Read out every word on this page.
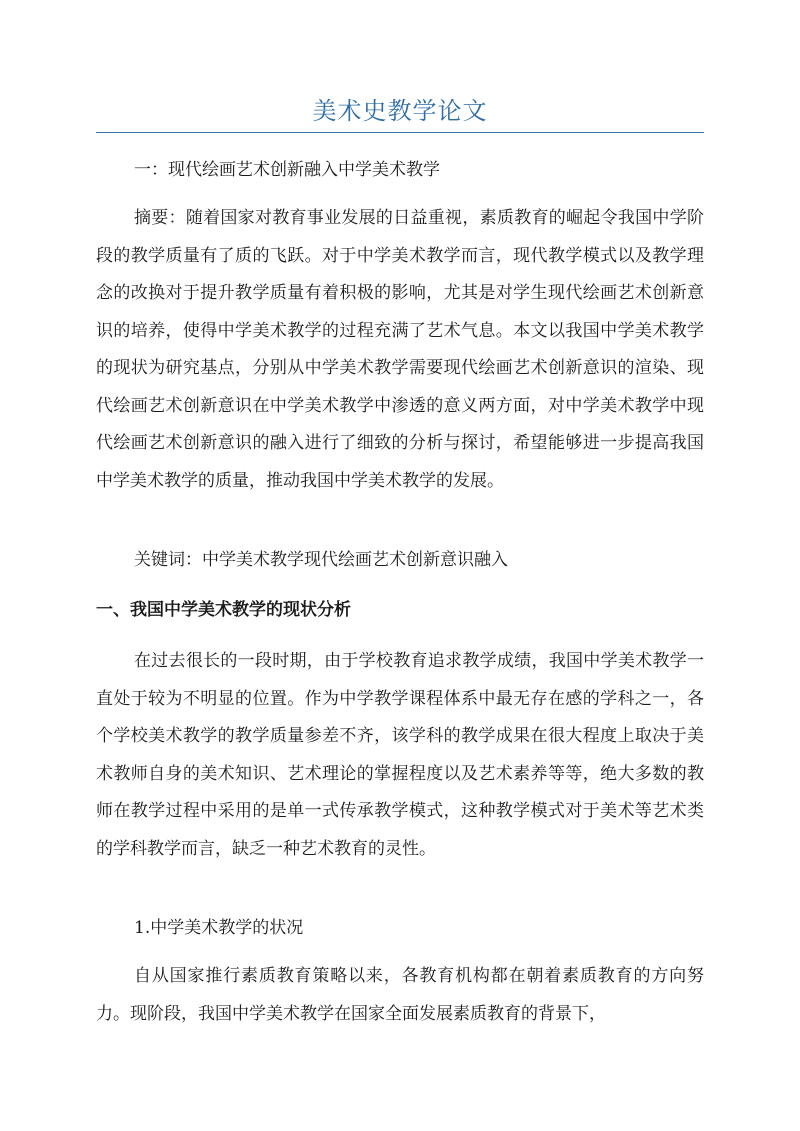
美术史教学论文
一：现代绘画艺术创新融入中学美术教学
摘要：随着国家对教育事业发展的日益重视，素质教育的崛起令我国中学阶段的教学质量有了质的飞跃。对于中学美术教学而言，现代教学模式以及教学理念的改换对于提升教学质量有着积极的影响，尤其是对学生现代绘画艺术创新意识的培养，使得中学美术教学的过程充满了艺术气息。本文以我国中学美术教学的现状为研究基点，分别从中学美术教学需要现代绘画艺术创新意识的渲染、现代绘画艺术创新意识在中学美术教学中渗透的意义两方面，对中学美术教学中现代绘画艺术创新意识的融入进行了细致的分析与探讨，希望能够进一步提高我国中学美术教学的质量，推动我国中学美术教学的发展。
关键词：中学美术教学现代绘画艺术创新意识融入
一、我国中学美术教学的现状分析
在过去很长的一段时期，由于学校教育追求教学成绩，我国中学美术教学一直处于较为不明显的位置。作为中学教学课程体系中最无存在感的学科之一，各个学校美术教学的教学质量参差不齐，该学科的教学成果在很大程度上取决于美术教师自身的美术知识、艺术理论的掌握程度以及艺术素养等等，绝大多数的教师在教学过程中采用的是单一式传承教学模式，这种教学模式对于美术等艺术类的学科教学而言，缺乏一种艺术教育的灵性。
1.中学美术教学的状况
自从国家推行素质教育策略以来，各教育机构都在朝着素质教育的方向努力。现阶段，我国中学美术教学在国家全面发展素质教育的背景下，
